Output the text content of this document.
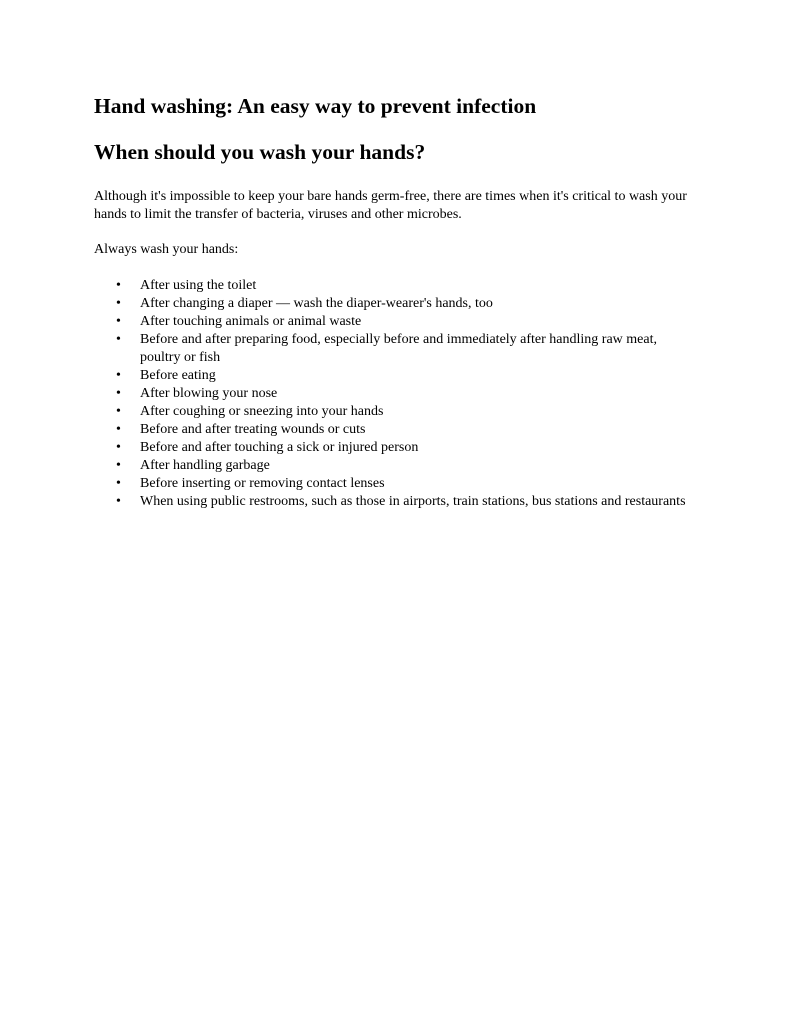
Hand washing: An easy way to prevent infection
When should you wash your hands?

Although it's impossible to keep your bare hands germ-free, there are times when it's critical to wash your hands to limit the transfer of bacteria, viruses and other microbes.

Always wash your hands:

• After using the toilet
• After changing a diaper — wash the diaper-wearer's hands, too
• After touching animals or animal waste
• Before and after preparing food, especially before and immediately after handling raw meat, poultry or fish
• Before eating
• After blowing your nose
• After coughing or sneezing into your hands
• Before and after treating wounds or cuts
• Before and after touching a sick or injured person
• After handling garbage
• Before inserting or removing contact lenses
• When using public restrooms, such as those in airports, train stations, bus stations and restaurants
